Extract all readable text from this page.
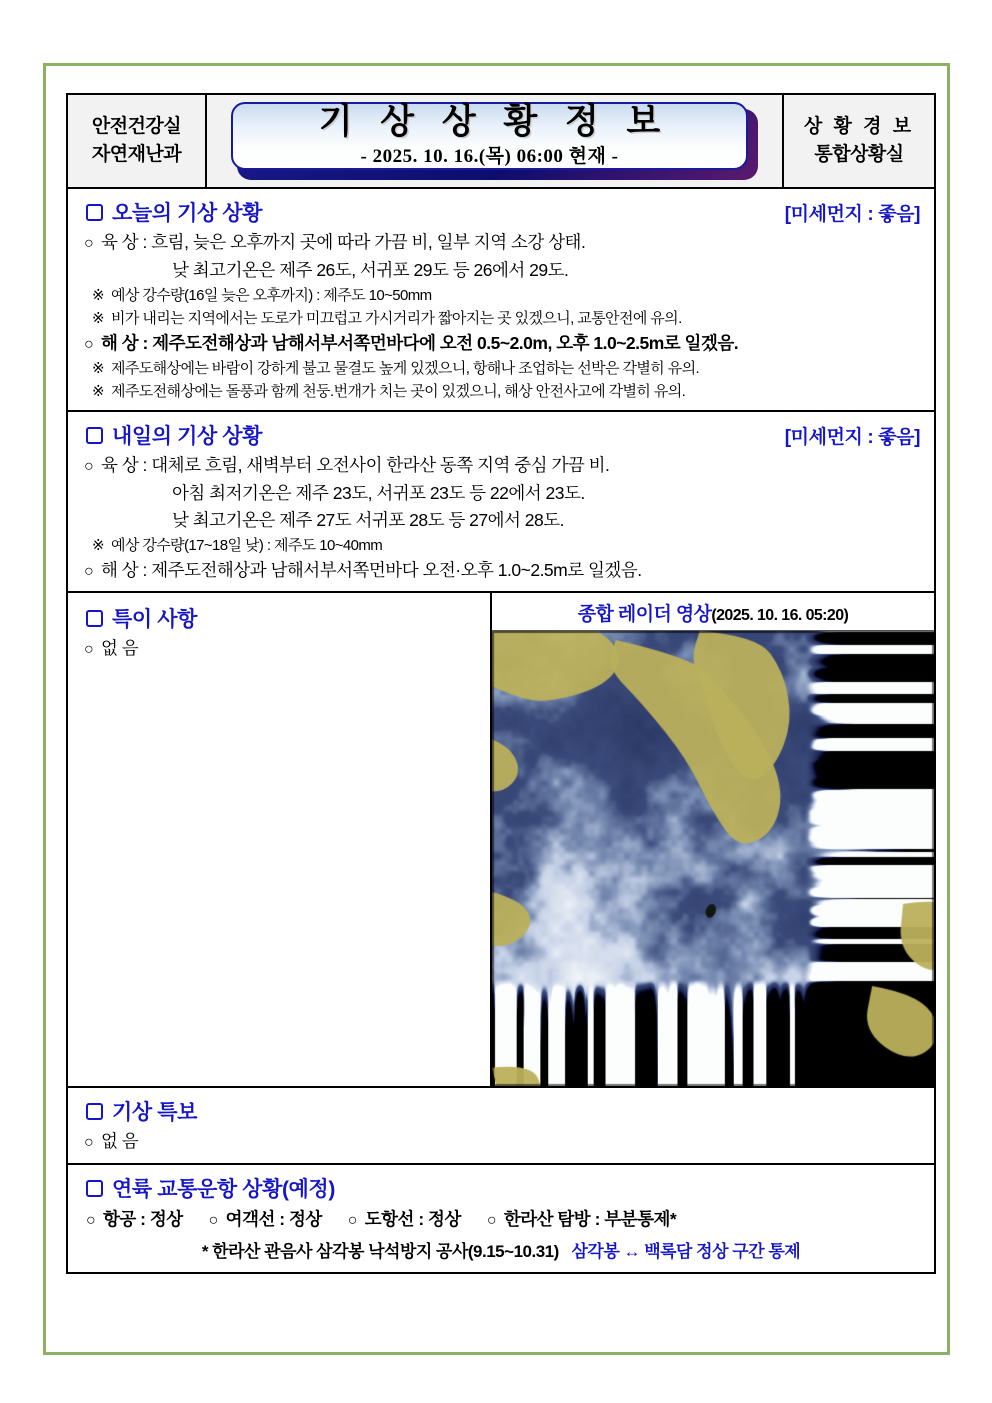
안전건강실
자연재난과
기 상 상 황 정 보
- 2025. 10. 16.(목) 06:00 현재 -
상 황 경 보
통합상황실
오늘의 기상 상황	[미세먼지 : 좋음]
○ 육 상 :
흐림, 늦은 오후까지 곳에 따라 가끔 비, 일부 지역 소강 상태.
낮 최고기온은 제주 26도, 서귀포 29도 등 26에서 29도.
※ 예상 강수량(16일 늦은 오후까지) : 제주도 10~50mm
※ 비가 내리는 지역에서는 도로가 미끄럽고 가시거리가 짧아지는 곳 있겠으니, 교통안전에 유의.
○ 해 상 :
제주도전해상과 남해서부서쪽먼바다에 오전 0.5~2.0m, 오후 1.0~2.5m로 일겠음.
※ 제주도해상에는 바람이 강하게 불고 물결도 높게 있겠으니, 항해나 조업하는 선박은 각별히 유의.
※ 제주도전해상에는 돌풍과 함께 천둥.번개가 치는 곳이 있겠으니, 해상 안전사고에 각별히 유의.
내일의 기상 상황	[미세먼지 : 좋음]
○ 육 상 :
대체로 흐림, 새벽부터 오전사이 한라산 동쪽 지역 중심 가끔 비.
아침 최저기온은 제주 23도, 서귀포 23도 등 22에서 23도.
낮 최고기온은 제주 27도 서귀포 28도 등 27에서 28도.
※ 예상 강수량(17~18일 낮) : 제주도 10~40mm
○ 해 상 :
제주도전해상과 남해서부서쪽먼바다 오전·오후 1.0~2.5m로 일겠음.
특이 사항
○ 없 음
종합 레이더 영상(2025. 10. 16. 05:20)
기상 특보
○ 없 음
연륙 교통운항 상황(예정)
○ 항공 : 정상 ○ 여객선 : 정상 ○ 도항선 : 정상 ○ 한라산 탐방 : 부분통제*
* 한라산 관음사 삼각봉 낙석방지 공사(9.15~10.31) 삼각봉 ↔ 백록담 정상 구간 통제
